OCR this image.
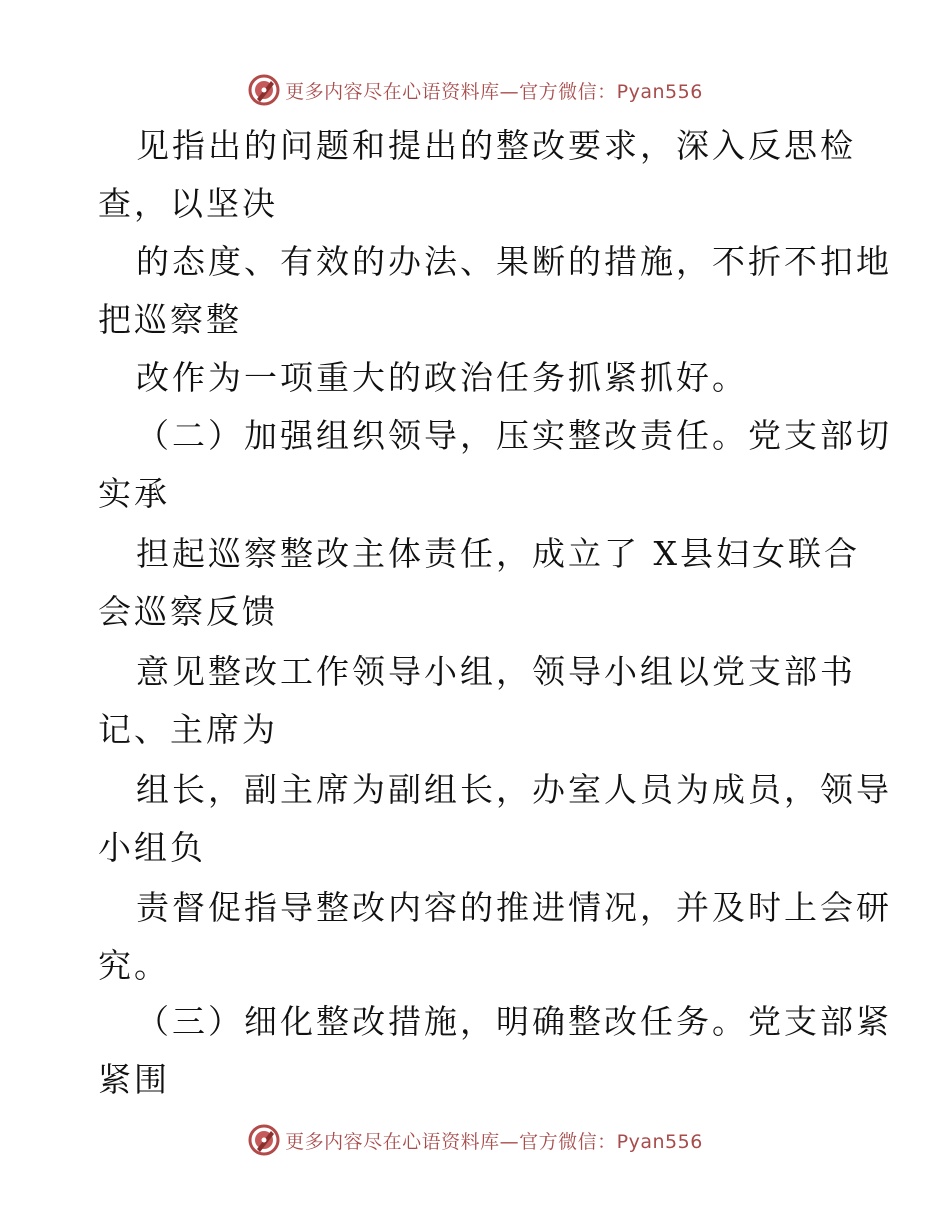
更多内容尽在心语资料库—官方微信：Pyan556
见指出的问题和提出的整改要求，深入反思检
查，以坚决
的态度、有效的办法、果断的措施，不折不扣地
把巡察整
改作为一项重大的政治任务抓紧抓好。
（二）加强组织领导，压实整改责任。党支部切
实承
担起巡察整改主体责任，成立了 X县妇女联合
会巡察反馈
意见整改工作领导小组，领导小组以党支部书
记、主席为
组长，副主席为副组长，办室人员为成员，领导
小组负
责督促指导整改内容的推进情况，并及时上会研
究。
（三）细化整改措施，明确整改任务。党支部紧
紧围
更多内容尽在心语资料库—官方微信：Pyan556
